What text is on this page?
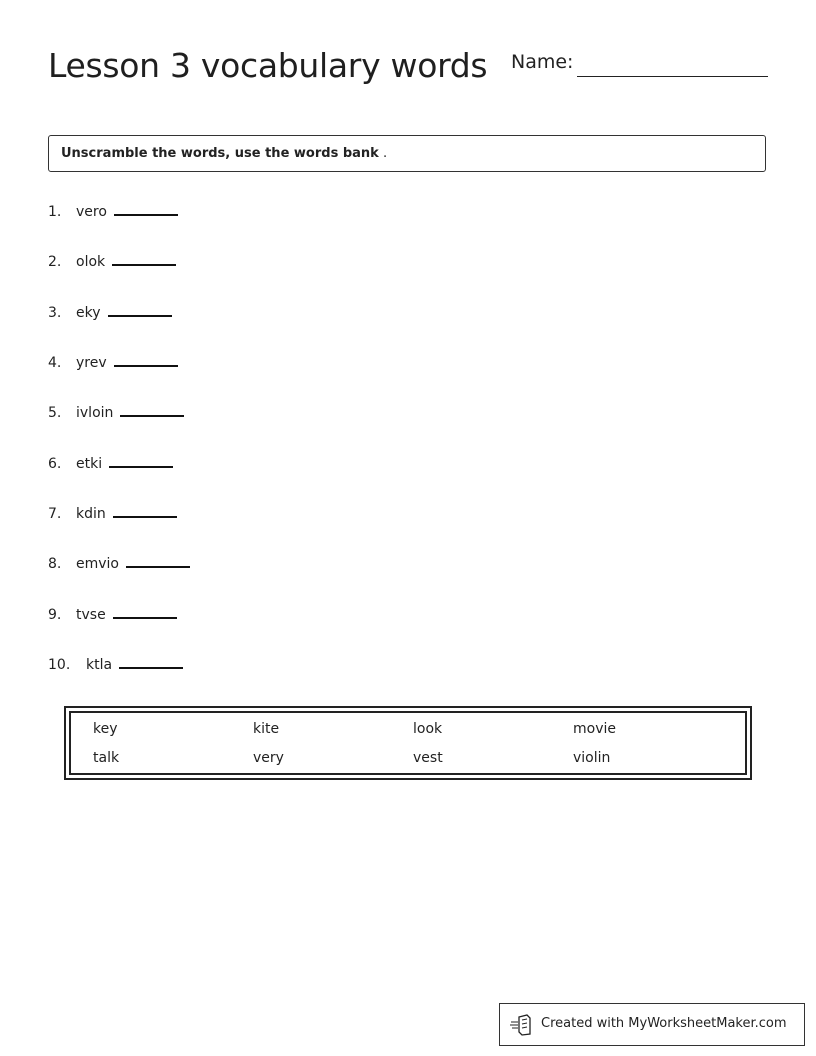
Lesson 3 vocabulary words Name:
Unscramble the words, use the words bank .
1. vero
2. olok
3. eky
4. yrev
5. ivloin
6. etki
7. kdin
8. emvio
9. tvse
10. ktla
key	kite	look	movie
talk	very	vest	violin
Created with MyWorksheetMaker.com
